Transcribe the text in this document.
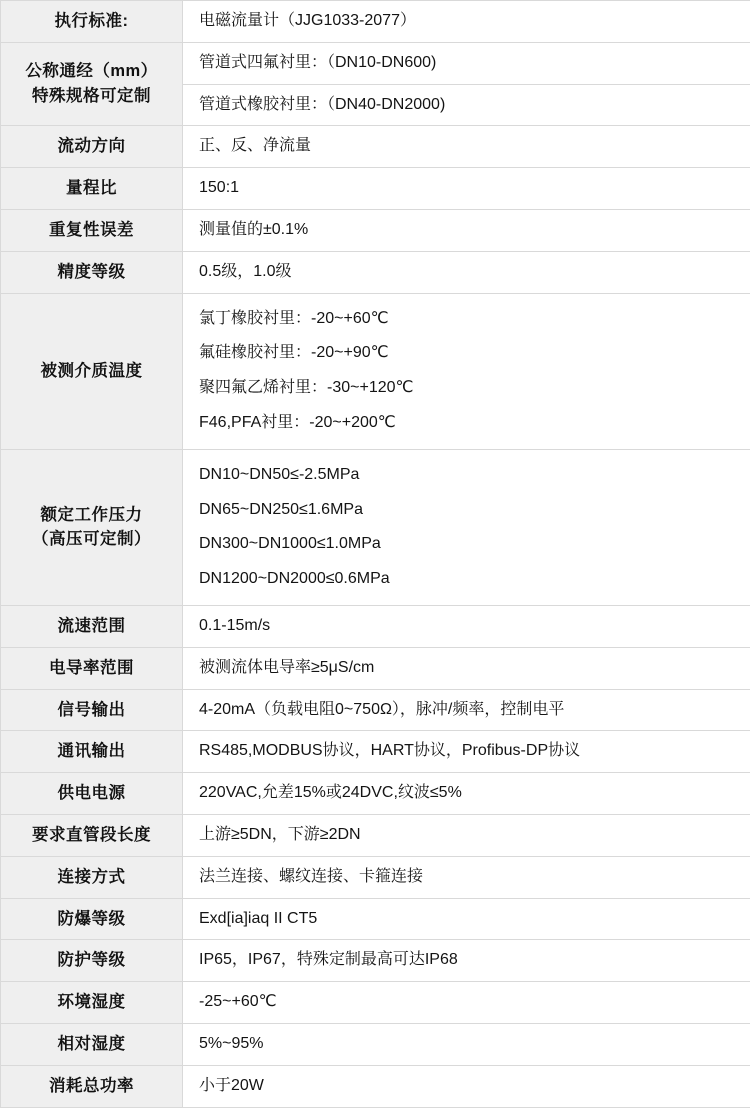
执行标准:	电磁流量计（JJG1033-2077）

公称通经（mm）
特殊规格可定制	管道式四氟衬里：（DN10-DN600)

	管道式橡胶衬里：（DN40-DN2000)

流动方向	正、反、净流量

量程比	150:1

重复性误差	测量值的±0.1%

精度等级	0.5级，1.0级

被测介质温度	氯丁橡胶衬里：-20~+60℃
氟硅橡胶衬里：-20~+90℃
聚四氟乙烯衬里：-30~+120℃
F46,PFA衬里：-20~+200℃

额定工作压力
（高压可定制）	DN10~DN50≤-2.5MPa
DN65~DN250≤1.6MPa
DN300~DN1000≤1.0MPa
DN1200~DN2000≤0.6MPa

流速范围	0.1-15m/s

电导率范围	被测流体电导率≥5μS/cm

信号输出	4-20mA（负载电阻0~750Ω），脉冲/频率，控制电平

通讯输出	RS485,MODBUS协议，HART协议，Profibus-DP协议

供电电源	220VAC,允差15%或24DVC,纹波≤5%

要求直管段长度	上游≥5DN，下游≥2DN

连接方式	法兰连接、螺纹连接、卡箍连接

防爆等级	Exd[ia]iaq II CT5

防护等级	IP65，IP67，特殊定制最高可达IP68

环境湿度	-25~+60℃

相对湿度	5%~95%

消耗总功率	小于20W
